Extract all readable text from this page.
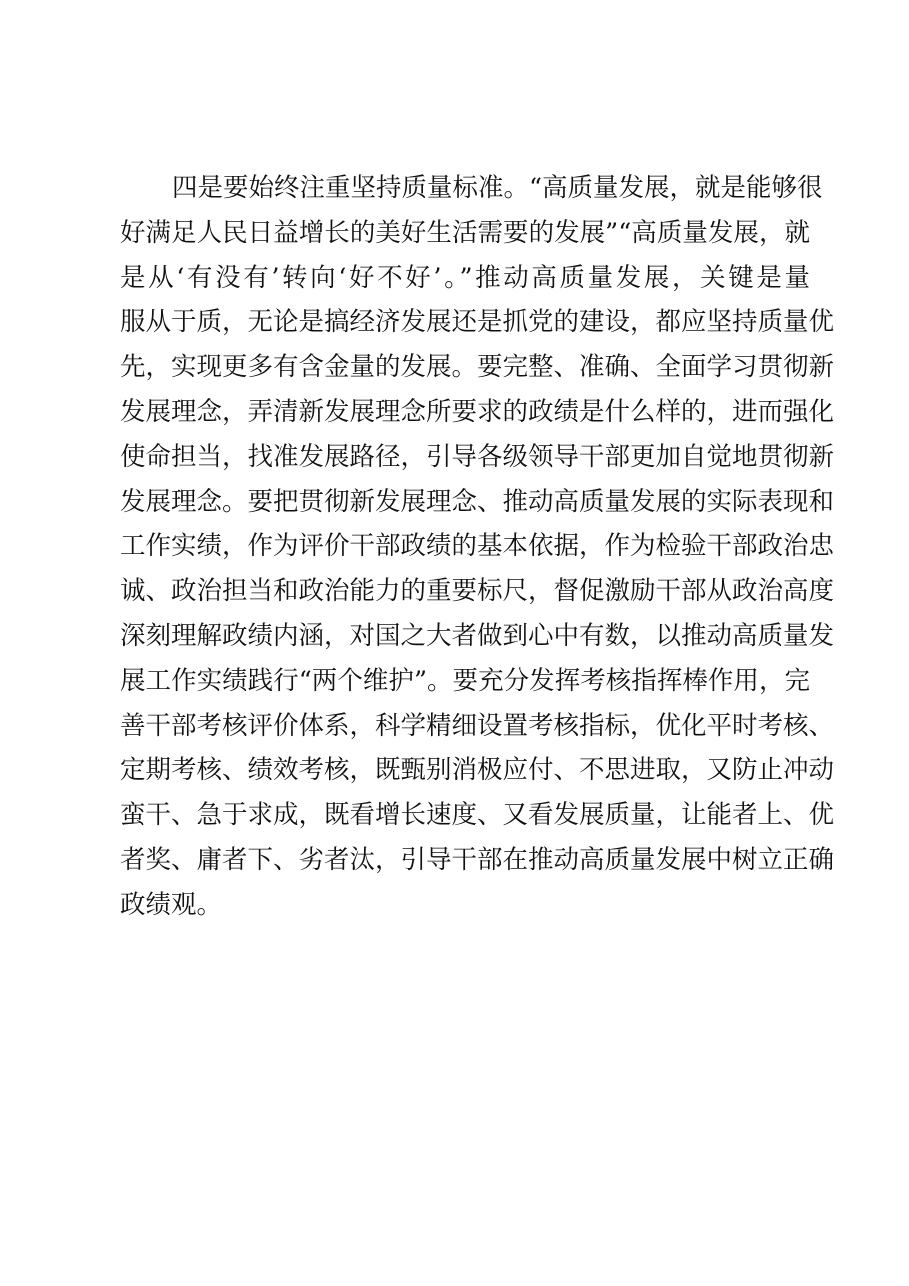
四是要始终注重坚持质量标准。“高质量发展，就是能够很
好满足人民日益增长的美好生活需要的发展”“高质量发展，就
是从‘有没有’转向‘好不好’。”推动高质量发展，关键是量
服从于质，无论是搞经济发展还是抓党的建设，都应坚持质量优
先，实现更多有含金量的发展。要完整、准确、全面学习贯彻新
发展理念，弄清新发展理念所要求的政绩是什么样的，进而强化
使命担当，找准发展路径，引导各级领导干部更加自觉地贯彻新
发展理念。要把贯彻新发展理念、推动高质量发展的实际表现和
工作实绩，作为评价干部政绩的基本依据，作为检验干部政治忠
诚、政治担当和政治能力的重要标尺，督促激励干部从政治高度
深刻理解政绩内涵，对国之大者做到心中有数，以推动高质量发
展工作实绩践行“两个维护”。要充分发挥考核指挥棒作用，完
善干部考核评价体系，科学精细设置考核指标，优化平时考核、
定期考核、绩效考核，既甄别消极应付、不思进取，又防止冲动
蛮干、急于求成，既看增长速度、又看发展质量，让能者上、优
者奖、庸者下、劣者汰，引导干部在推动高质量发展中树立正确
政绩观。
